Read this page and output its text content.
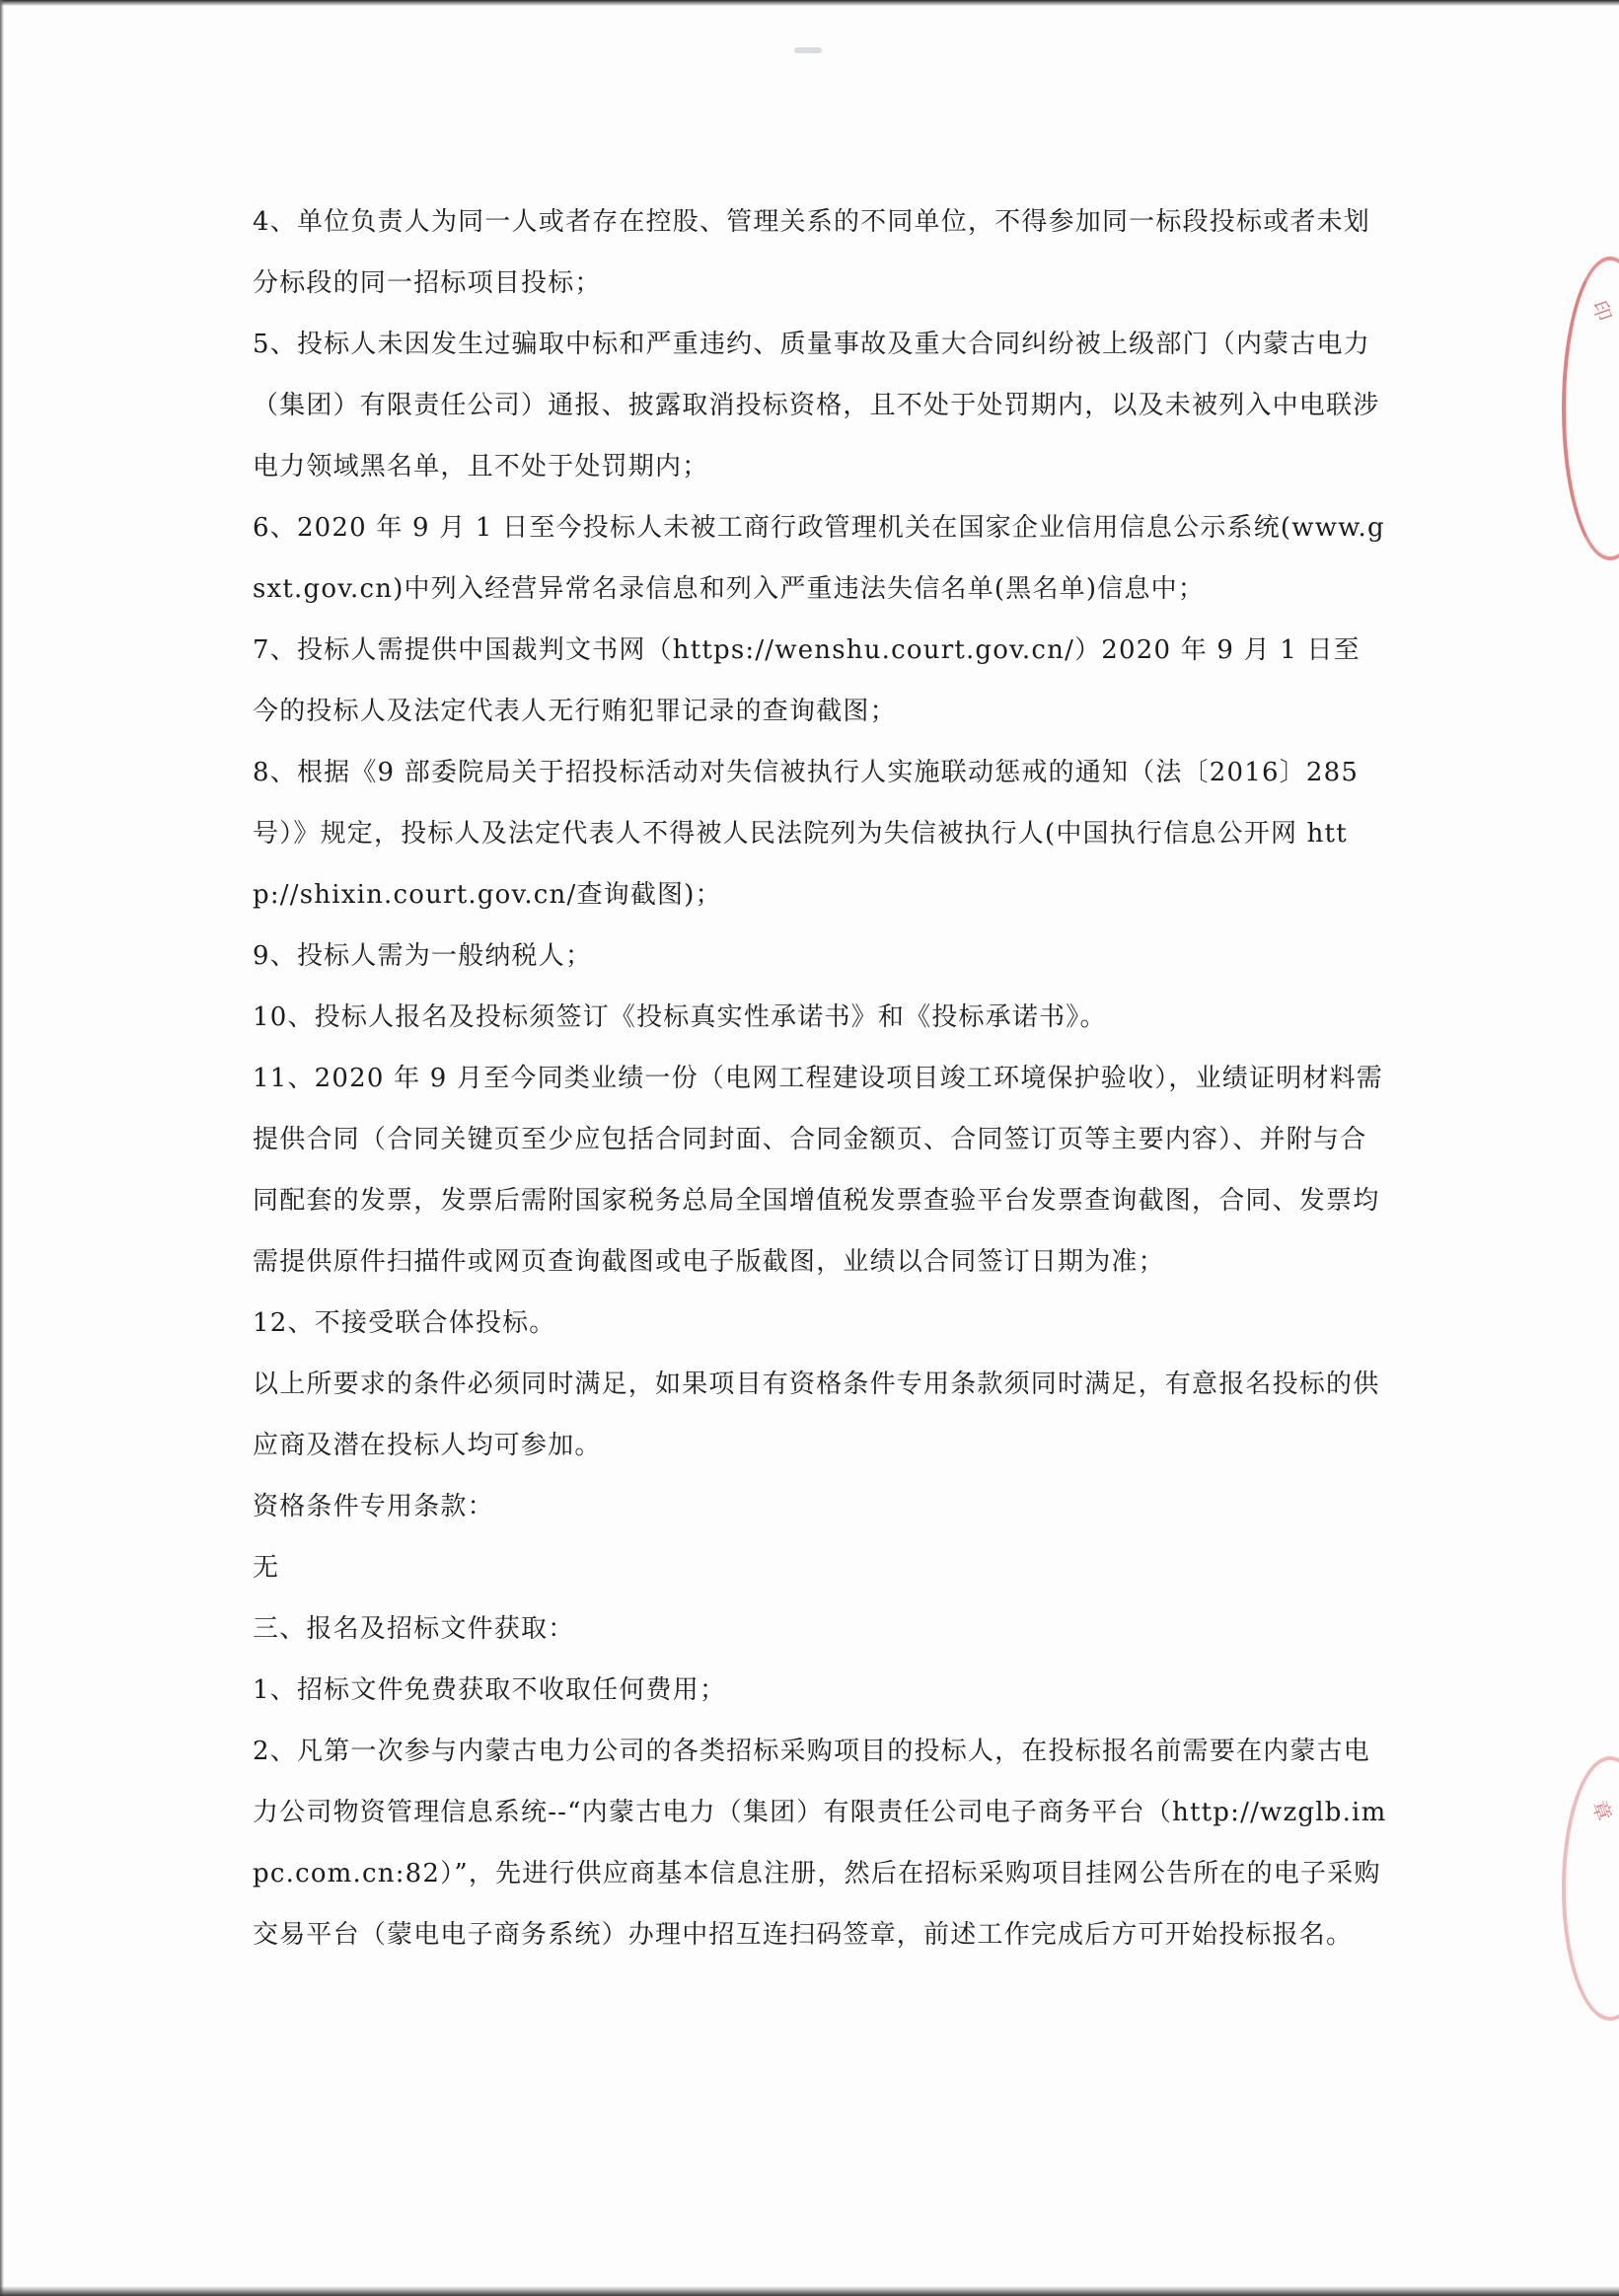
印
章

4、单位负责人为同一人或者存在控股、管理关系的不同单位，不得参加同一标段投标或者未划分标段的同一招标项目投标；

5、投标人未因发生过骗取中标和严重违约、质量事故及重大合同纠纷被上级部门（内蒙古电力（集团）有限责任公司）通报、披露取消投标资格，且不处于处罚期内，以及未被列入中电联涉电力领域黑名单，且不处于处罚期内；

6、2020 年 9 月 1 日至今投标人未被工商行政管理机关在国家企业信用信息公示系统(www.gsxt.gov.cn)中列入经营异常名录信息和列入严重违法失信名单(黑名单)信息中；

7、投标人需提供中国裁判文书网（https://wenshu.court.gov.cn/）2020 年 9 月 1 日至今的投标人及法定代表人无行贿犯罪记录的查询截图；

8、根据《9 部委院局关于招投标活动对失信被执行人实施联动惩戒的通知（法〔2016〕285 号）》规定，投标人及法定代表人不得被人民法院列为失信被执行人(中国执行信息公开网 http://shixin.court.gov.cn/查询截图)；

9、投标人需为一般纳税人；

10、投标人报名及投标须签订《投标真实性承诺书》和《投标承诺书》。

11、2020 年 9 月至今同类业绩一份（电网工程建设项目竣工环境保护验收），业绩证明材料需提供合同（合同关键页至少应包括合同封面、合同金额页、合同签订页等主要内容）、并附与合同配套的发票，发票后需附国家税务总局全国增值税发票查验平台发票查询截图，合同、发票均需提供原件扫描件或网页查询截图或电子版截图，业绩以合同签订日期为准；

12、不接受联合体投标。

以上所要求的条件必须同时满足，如果项目有资格条件专用条款须同时满足，有意报名投标的供应商及潜在投标人均可参加。

资格条件专用条款：

无

三、报名及招标文件获取：

1、招标文件免费获取不收取任何费用；

2、凡第一次参与内蒙古电力公司的各类招标采购项目的投标人，在投标报名前需要在内蒙古电力公司物资管理信息系统--“内蒙古电力（集团）有限责任公司电子商务平台（http://wzglb.impc.com.cn:82）”，先进行供应商基本信息注册，然后在招标采购项目挂网公告所在的电子采购交易平台（蒙电电子商务系统）办理中招互连扫码签章，前述工作完成后方可开始投标报名。
